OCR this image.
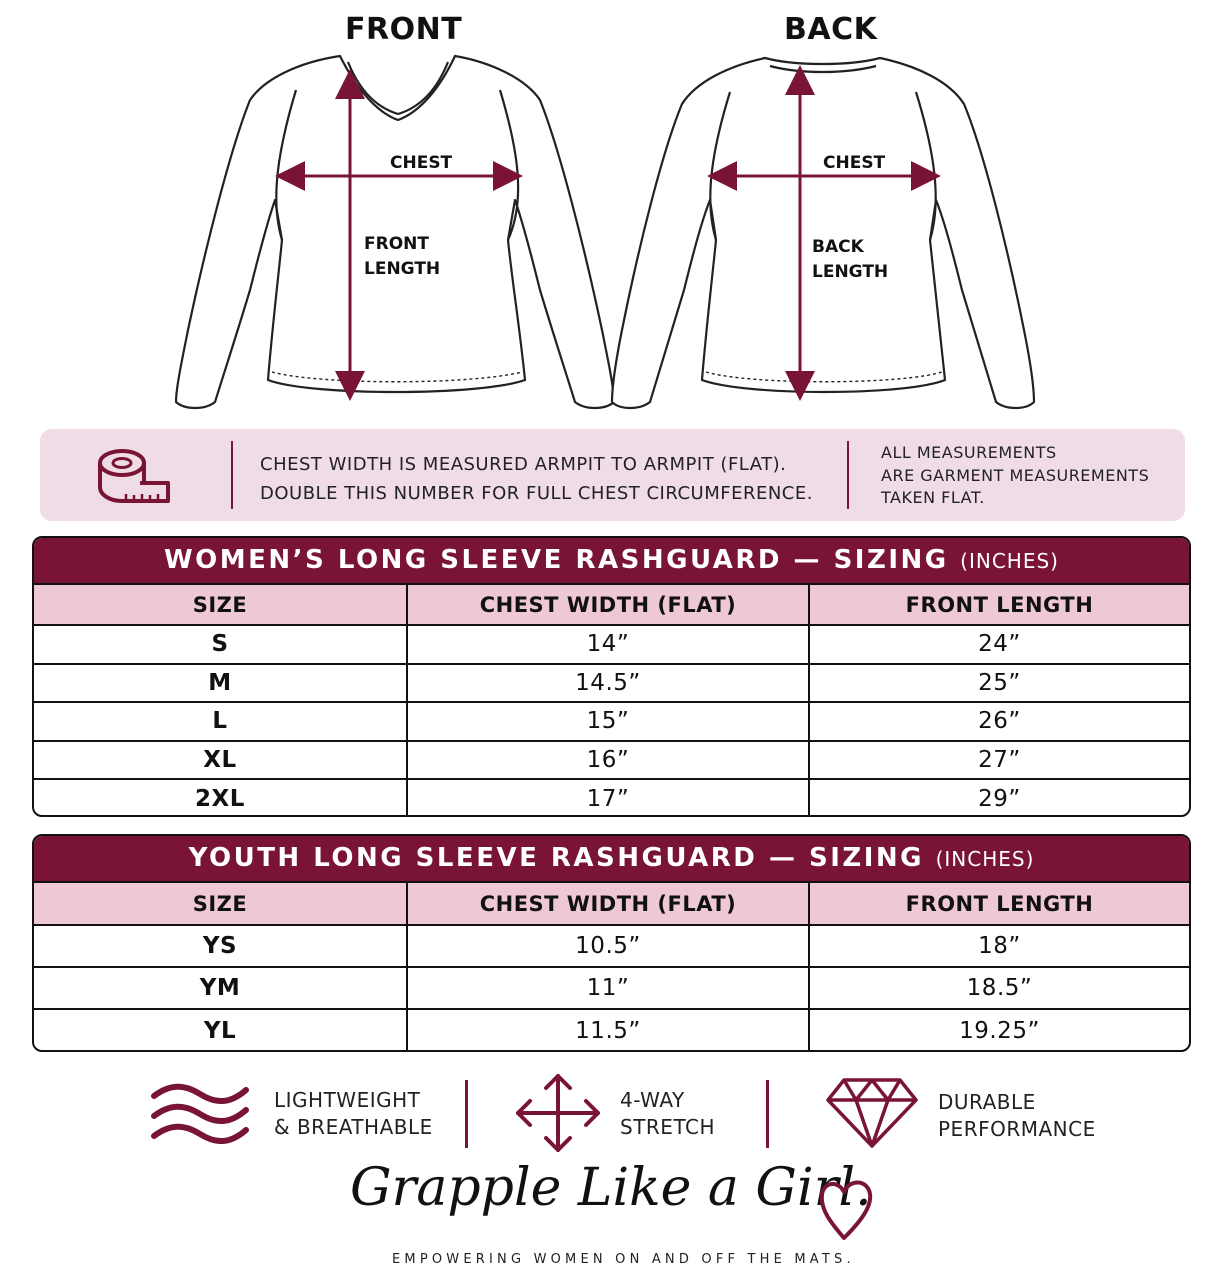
FRONT	BACK
CHEST
FRONT
LENGTH
CHEST
BACK
LENGTH
CHEST WIDTH IS MEASURED ARMPIT TO ARMPIT (FLAT).
DOUBLE THIS NUMBER FOR FULL CHEST CIRCUMFERENCE.
ALL MEASUREMENTS
ARE GARMENT MEASUREMENTS
TAKEN FLAT.
WOMEN’S LONG SLEEVE RASHGUARD — SIZING (INCHES)
SIZE	CHEST WIDTH (FLAT)	FRONT LENGTH
S	14”	24”
M	14.5”	25”
L	15”	26”
XL	16”	27”
2XL	17”	29”
YOUTH LONG SLEEVE RASHGUARD — SIZING (INCHES)
SIZE	CHEST WIDTH (FLAT)	FRONT LENGTH
YS	10.5”	18”
YM	11”	18.5”
YL	11.5”	19.25”
LIGHTWEIGHT
& BREATHABLE
4-WAY
STRETCH
DURABLE
PERFORMANCE
Grapple Like a Girl.
EMPOWERING WOMEN ON AND OFF THE MATS.
